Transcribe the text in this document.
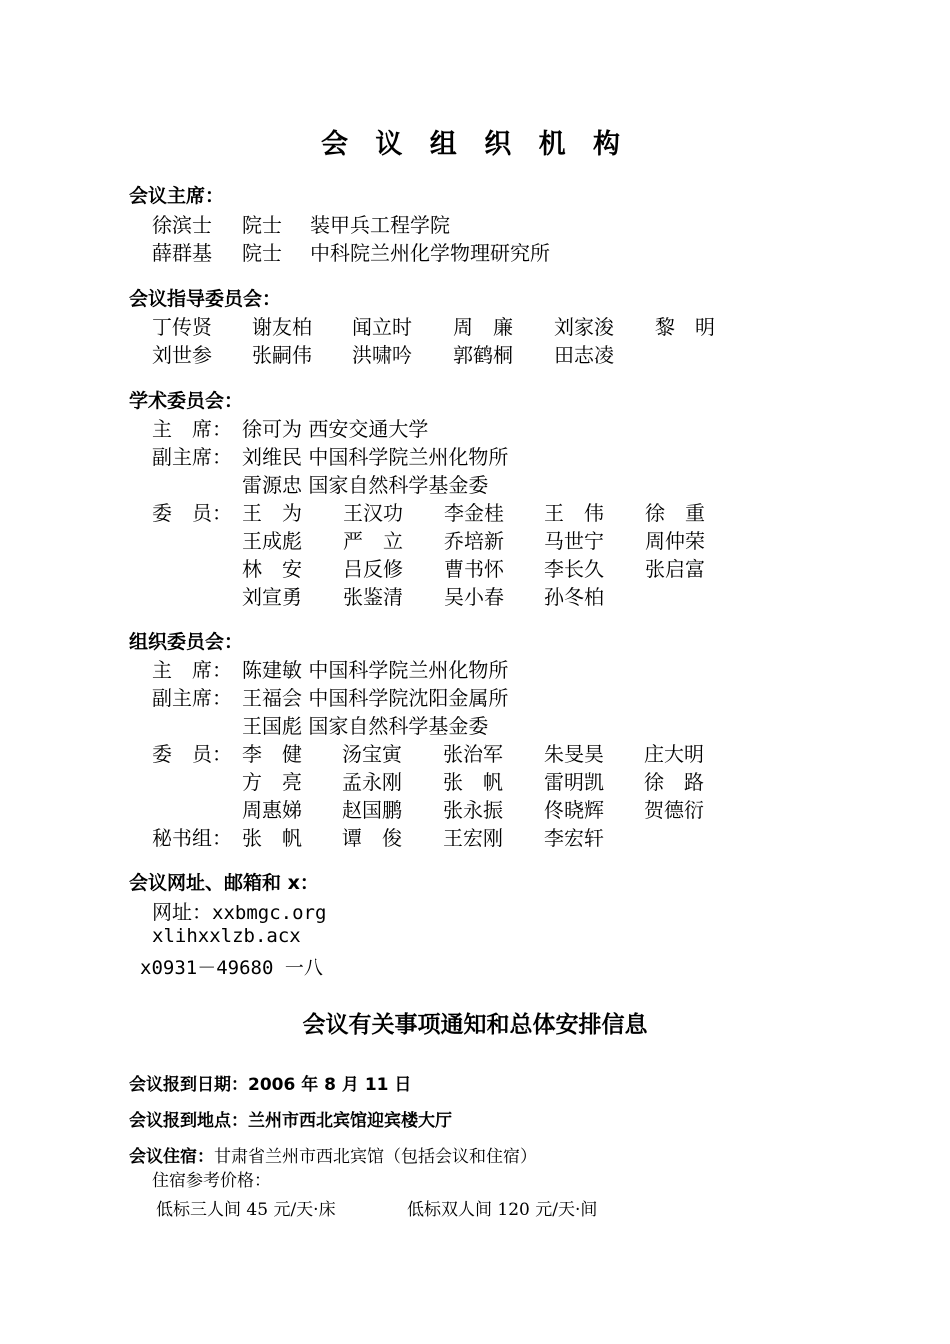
会 议 组 织 机 构
会议主席：
徐滨士 院士 装甲兵工程学院
薛群基 院士 中科院兰州化学物理研究所
会议指导委员会：
丁传贤 谢友柏 闻立时 周　廉 刘家浚 黎　明
刘世参 张嗣伟 洪啸吟 郭鹤桐 田志凌
学术委员会：
主　席： 徐可为 西安交通大学
副主席： 刘维民 中国科学院兰州化物所
雷源忠 国家自然科学基金委
委　员： 王　为 王汉功 李金桂 王　伟 徐　重
王成彪 严　立 乔培新 马世宁 周仲荣
林　安 吕反修 曹书怀 李长久 张启富
刘宣勇 张鉴清 吴小春 孙冬柏
组织委员会：
主　席： 陈建敏 中国科学院兰州化物所
副主席： 王福会 中国科学院沈阳金属所
王国彪 国家自然科学基金委
委　员： 李　健 汤宝寅 张治军 朱旻昊 庄大明
方　亮 孟永刚 张　帆 雷明凯 徐　路
周惠娣 赵国鹏 张永振 佟晓辉 贺德衍
秘书组： 张　帆 谭　俊 王宏刚 李宏轩
会议网址、邮箱和 x：
网址：xxbmgc.org
xlihxxlzb.acx
x0931－49680 一八
会议有关事项通知和总体安排信息
会议报到日期：2006 年 8 月 11 日
会议报到地点：兰州市西北宾馆迎宾楼大厅
会议住宿：甘肃省兰州市西北宾馆（包括会议和住宿）
住宿参考价格：
低标三人间 45 元/天·床	低标双人间 120 元/天·间
